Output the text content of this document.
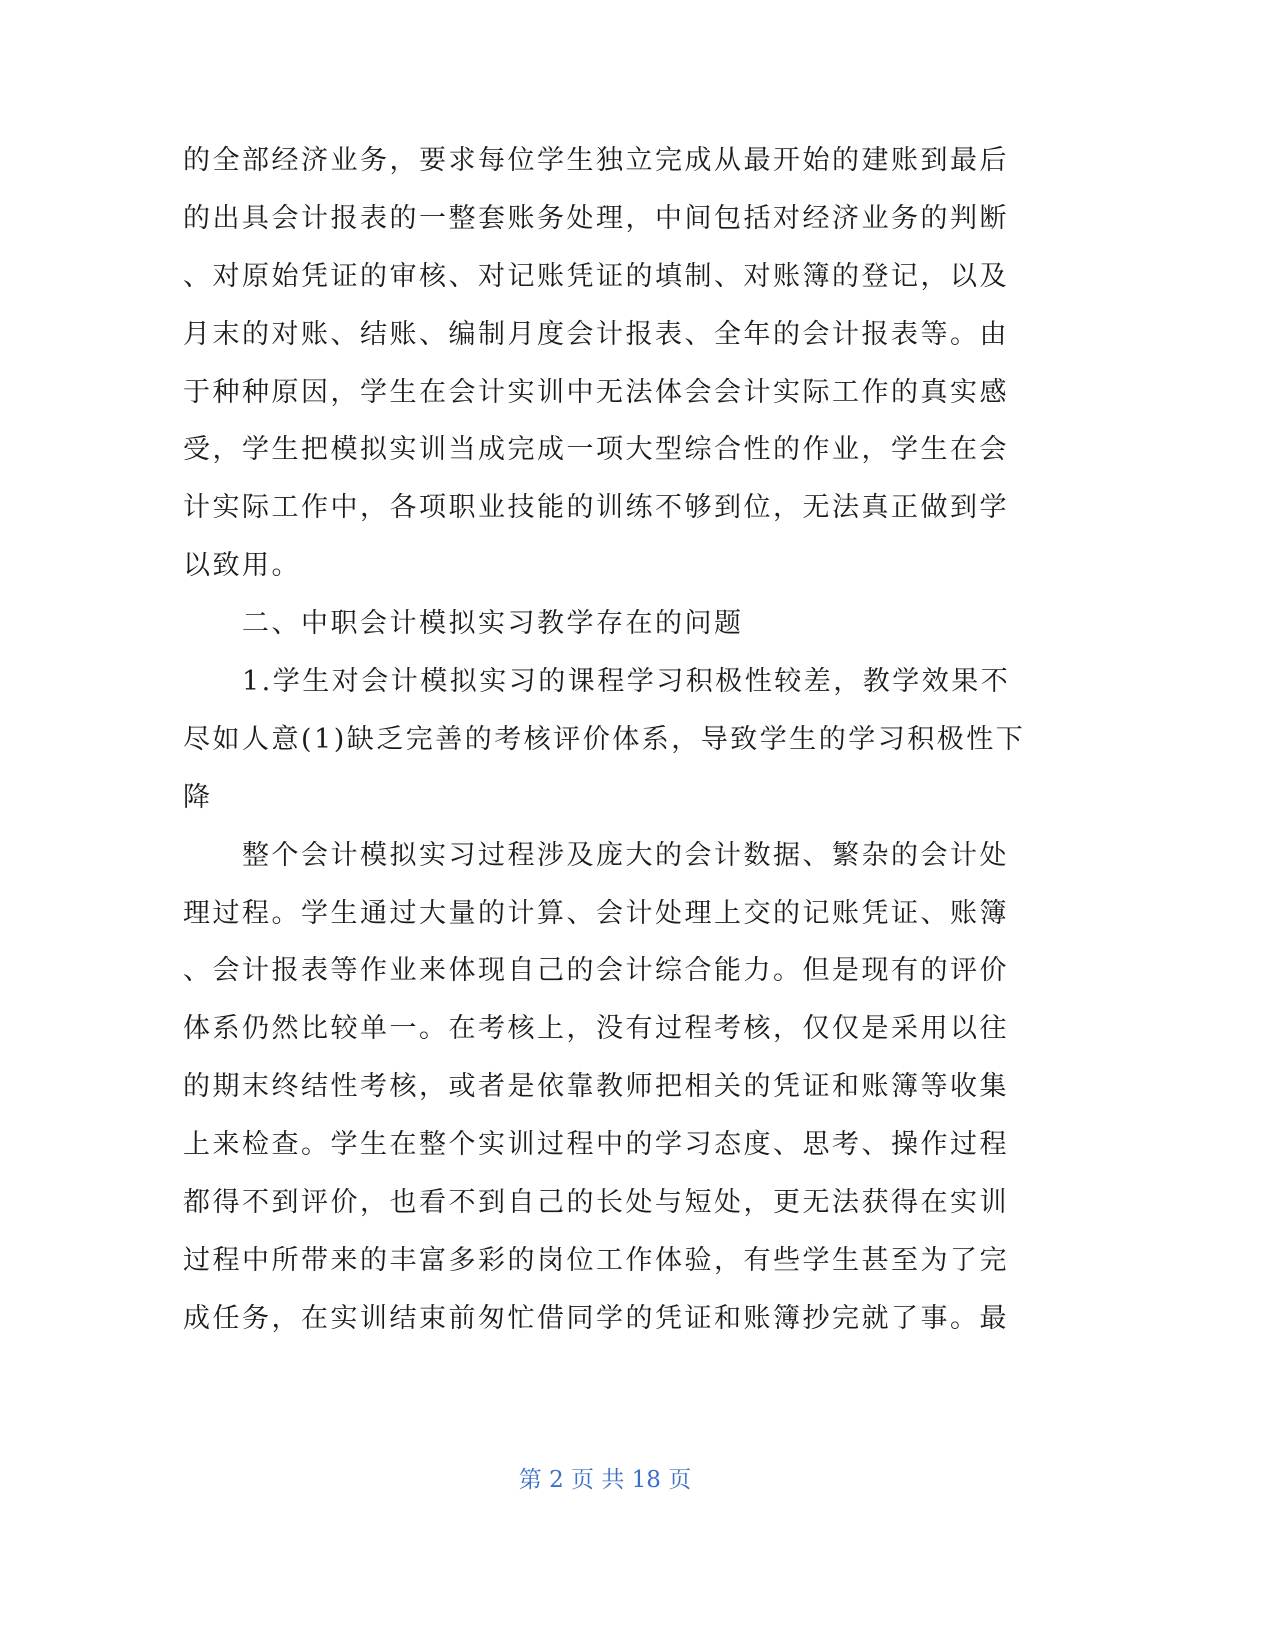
的全部经济业务，要求每位学生独立完成从最开始的建账到最后
的出具会计报表的一整套账务处理，中间包括对经济业务的判断
、对原始凭证的审核、对记账凭证的填制、对账簿的登记，以及
月末的对账、结账、编制月度会计报表、全年的会计报表等。由
于种种原因，学生在会计实训中无法体会会计实际工作的真实感
受，学生把模拟实训当成完成一项大型综合性的作业，学生在会
计实际工作中，各项职业技能的训练不够到位，无法真正做到学
以致用。
二、中职会计模拟实习教学存在的问题
1.学生对会计模拟实习的课程学习积极性较差，教学效果不
尽如人意(1)缺乏完善的考核评价体系，导致学生的学习积极性下
降
整个会计模拟实习过程涉及庞大的会计数据、繁杂的会计处
理过程。学生通过大量的计算、会计处理上交的记账凭证、账簿
、会计报表等作业来体现自己的会计综合能力。但是现有的评价
体系仍然比较单一。在考核上，没有过程考核，仅仅是采用以往
的期末终结性考核，或者是依靠教师把相关的凭证和账簿等收集
上来检查。学生在整个实训过程中的学习态度、思考、操作过程
都得不到评价，也看不到自己的长处与短处，更无法获得在实训
过程中所带来的丰富多彩的岗位工作体验，有些学生甚至为了完
成任务，在实训结束前匆忙借同学的凭证和账簿抄完就了事。最
第 2 页 共 18 页
